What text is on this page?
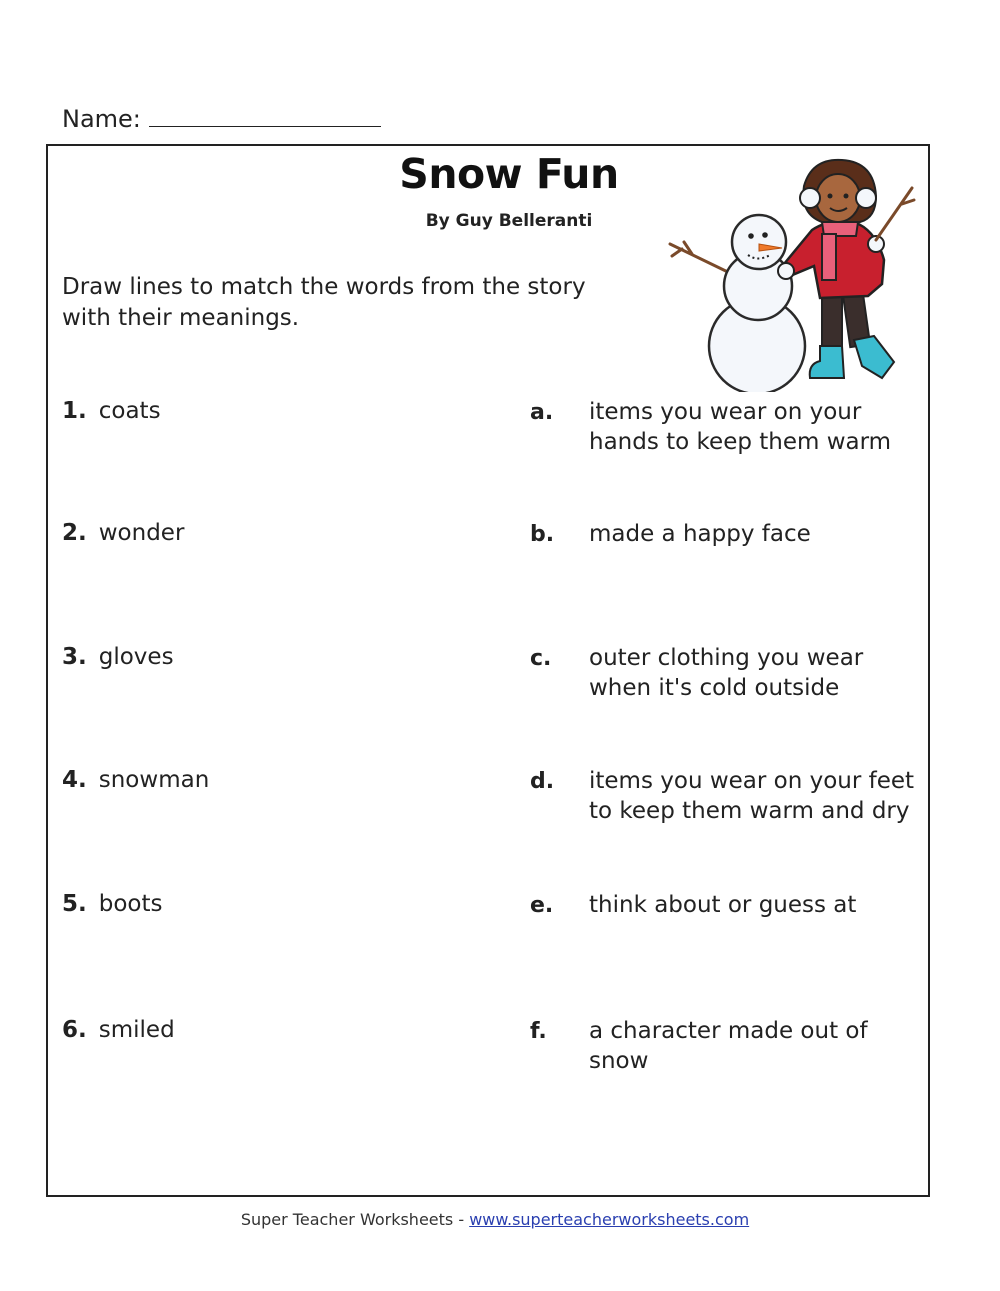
Name:
Snow Fun
By Guy Belleranti
Draw lines to match the words from the story with their meanings.
1. coats
2. wonder
3. gloves
4. snowman
5. boots
6. smiled
a. items you wear on your hands to keep them warm
b. made a happy face
c. outer clothing you wear when it's cold outside
d. items you wear on your feet to keep them warm and dry
e. think about or guess at
f. a character made out of snow
Super Teacher Worksheets - www.superteacherworksheets.com
